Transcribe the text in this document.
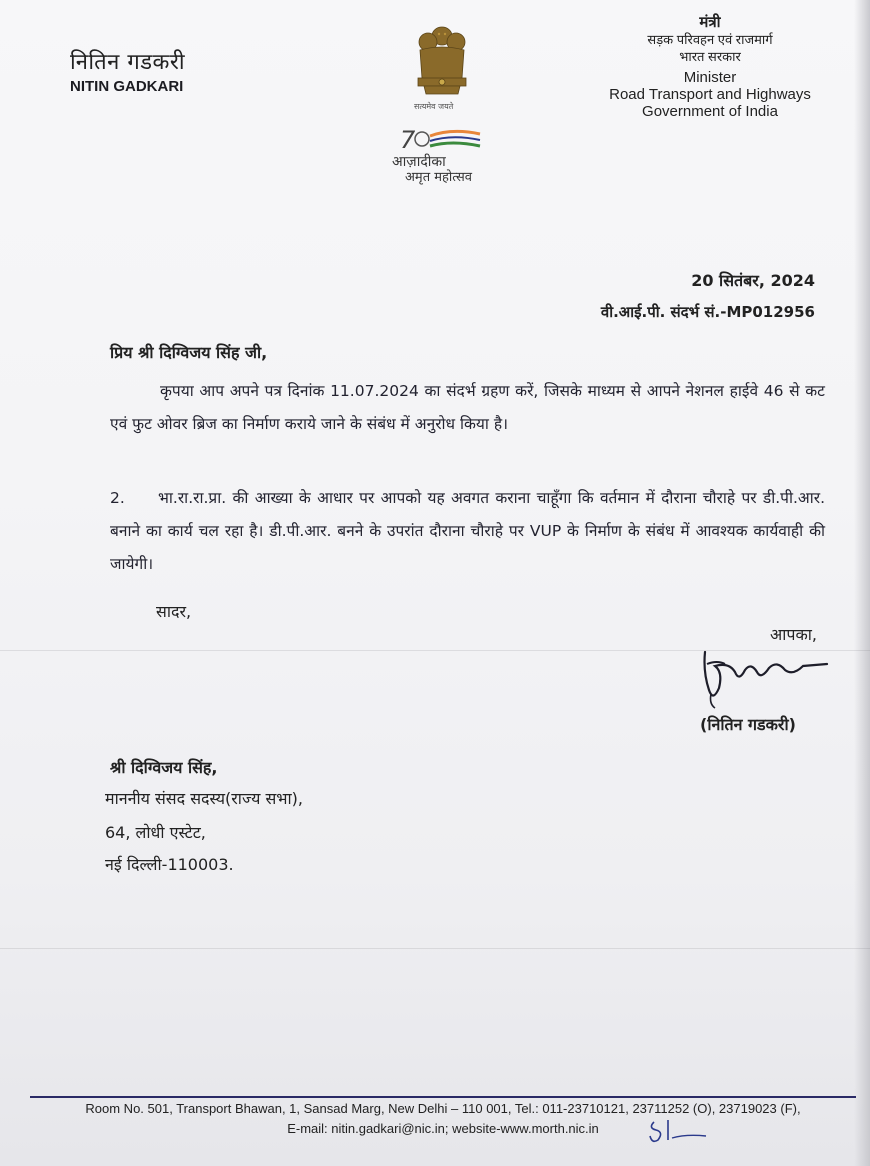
नितिन गडकरी
NITIN GADKARI
सत्यमेव जयते
7
आज़ादीका
अमृत महोत्सव
मंत्री
सड़क परिवहन एवं राजमार्ग
भारत सरकार
Minister
Road Transport and Highways
Government of India
20 सितंबर, 2024
वी.आई.पी. संदर्भ सं.-MP012956
प्रिय श्री दिग्विजय सिंह जी,
कृपया आप अपने पत्र दिनांक 11.07.2024 का संदर्भ ग्रहण करें, जिसके माध्यम से आपने नेशनल हाईवे 46 से कट एवं फुट ओवर ब्रिज का निर्माण कराये जाने के संबंध में अनुरोध किया है।
2. भा.रा.रा.प्रा. की आख्या के आधार पर आपको यह अवगत कराना चाहूँगा कि वर्तमान में दौराना चौराहे पर डी.पी.आर. बनाने का कार्य चल रहा है। डी.पी.आर. बनने के उपरांत दौराना चौराहे पर VUP के निर्माण के संबंध में आवश्यक कार्यवाही की जायेगी।
सादर,
आपका,
(नितिन गडकरी)
श्री दिग्विजय सिंह,
माननीय संसद सदस्य(राज्य सभा),
64, लोधी एस्टेट,
नई दिल्ली-110003.
Room No. 501, Transport Bhawan, 1, Sansad Marg, New Delhi – 110 001, Tel.: 011-23710121, 23711252 (O), 23719023 (F),
E-mail: nitin.gadkari@nic.in; website-www.morth.nic.in
